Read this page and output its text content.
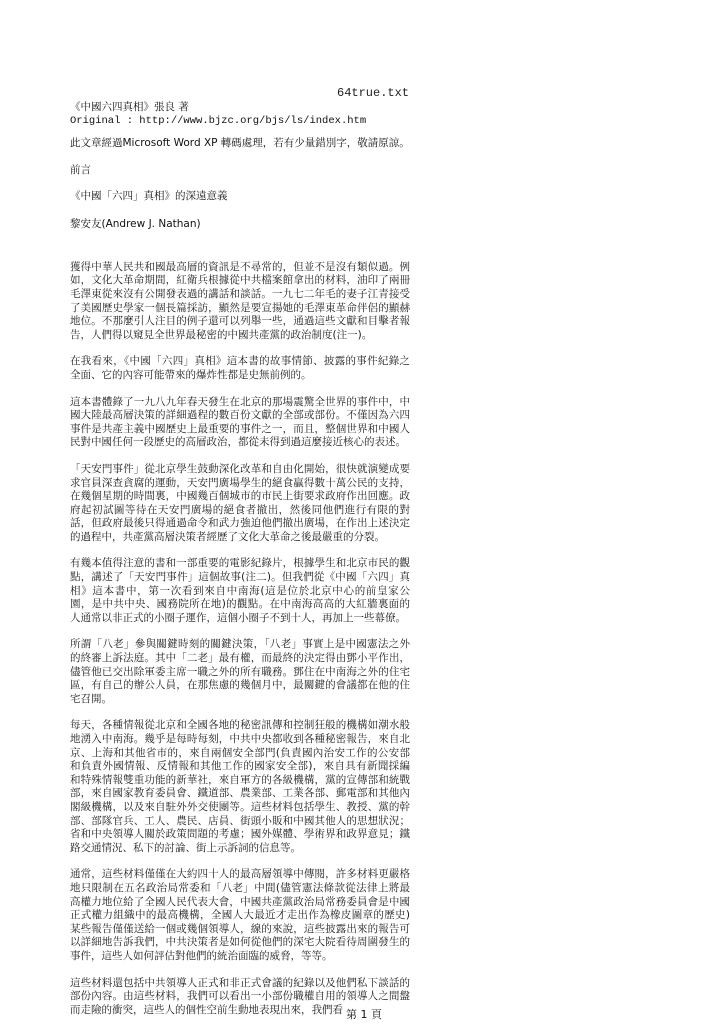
64true.txt
《中國六四真相》張良 著
Original : http://www.bjzc.org/bjs/ls/index.htm
此文章經過Microsoft Word XP 轉碼處理，若有少量錯別字，敬請原諒。
前言
《中國「六四」真相》的深遠意義
黎安友(Andrew J. Nathan)

獲得中華人民共和國最高層的資訊是不尋常的，但並不是沒有類似過。例如，文化大革命期間，紅衛兵根據從中共檔案館拿出的材料，油印了兩冊毛澤東從來沒有公開發表過的講話和談話。一九七二年毛的妻子江青接受了美國歷史學家一個長篇採訪，顯然是要宣揚她的毛澤東革命伴侶的顯赫地位。不那麼引人注目的例子還可以列舉一些，通過這些文獻和目擊者報告，人們得以窺見全世界最秘密的中國共產黨的政治制度(注一)。

在我看來，《中國「六四」真相》這本書的故事情節、披露的事件紀錄之全面、它的內容可能帶來的爆炸性都是史無前例的。

這本書體錄了一九八九年春天發生在北京的那場震驚全世界的事件中，中國大陸最高層決策的詳細過程的數百份文獻的全部或部份。不僅因為六四事件是共產主義中國歷史上最重要的事件之一，而且，整個世界和中國人民對中國任何一段歷史的高層政治，都從未得到過這麼接近核心的表述。

「天安門事件」從北京學生鼓動深化改革和自由化開始，很快就演變成要求官員深查貪腐的運動，天安門廣場學生的絕食贏得數十萬公民的支持，在幾個星期的時間裏，中國幾百個城市的市民上街要求政府作出回應。政府起初試圖等待在天安門廣場的絕食者撤出，然後同他們進行有限的對話，但政府最後只得通過命令和武力強迫他們撤出廣場，在作出上述決定的過程中，共產黨高層決策者經歷了文化大革命之後最嚴重的分裂。

有幾本值得注意的書和一部重要的電影紀錄片，根據學生和北京市民的觀點，講述了「天安門事件」這個故事(注二)。但我們從《中國「六四」真相》這本書中，第一次看到來自中南海(這是位於北京中心的前皇家公園，是中共中央、國務院所在地)的觀點。在中南海高高的大紅牆裏面的人通常以非正式的小圈子運作，這個小圈子不到十人，再加上一些幕僚。

所謂「八老」參與關鍵時刻的關鍵決策，「八老」事實上是中國憲法之外的終審上訴法庭。其中「二老」最有權，而最終的決定得由鄧小平作出，儘管他已交出除軍委主席一職之外的所有職務。鄧住在中南海之外的住宅區，有自己的辦公人員，在那焦慮的幾個月中，最關鍵的會議都在他的住宅召開。

每天，各種情報從北京和全國各地的秘密訊傳和控制狂般的機構如潮水般地湧入中南海。幾乎是每時每刻，中共中央都收到各種秘密報告，來自北京、上海和其他省市的，來自兩個安全部門(負責國內治安工作的公安部和負責外國情報、反情報和其他工作的國家安全部)，來自具有新聞採編和特殊情報雙重功能的新華社，來自軍方的各級機構，黨的宣傳部和統戰部，來自國家教育委員會、鐵道部、農業部、工業各部、郵電部和其他內閣級機構，以及來自駐外外交使團等。這些材料包括學生、教授、黨的幹部、部隊官兵、工人、農民、店員、街頭小販和中國其他人的思想狀況；省和中央領導人關於政策問題的考慮；國外媒體、學術界和政界意見；鐵路交通情況、私下的討論、街上示訴詞的信息等。

通常，這些材料僅僅在大約四十人的最高層領導中傳閱，許多材料更嚴格地只限制在五名政治局常委和「八老」中間(儘管憲法條款從法律上將最高權力地位給了全國人民代表大會，中國共產黨政治局常務委員會是中國正式權力組織中的最高機構，全國人大最近才走出作為橡皮圖章的歷史)某些報告僅僅送給一個或幾個領導人，線的來說，這些披露出來的報告可以詳細地告訴我們，中共決策者是如何從他們的深宅大院看待周圍發生的事件，這些人如何評估對他們的統治面臨的威脅，等等。

這些材料還包括中共領導人正式和非正式會議的紀錄以及他們私下談話的部份內容。由這些材料，我們可以看出一小部份職權自用的領導人之間盤而走險的衝突，這些人的個性空前生動地表現出來，我們看 第 1 頁
